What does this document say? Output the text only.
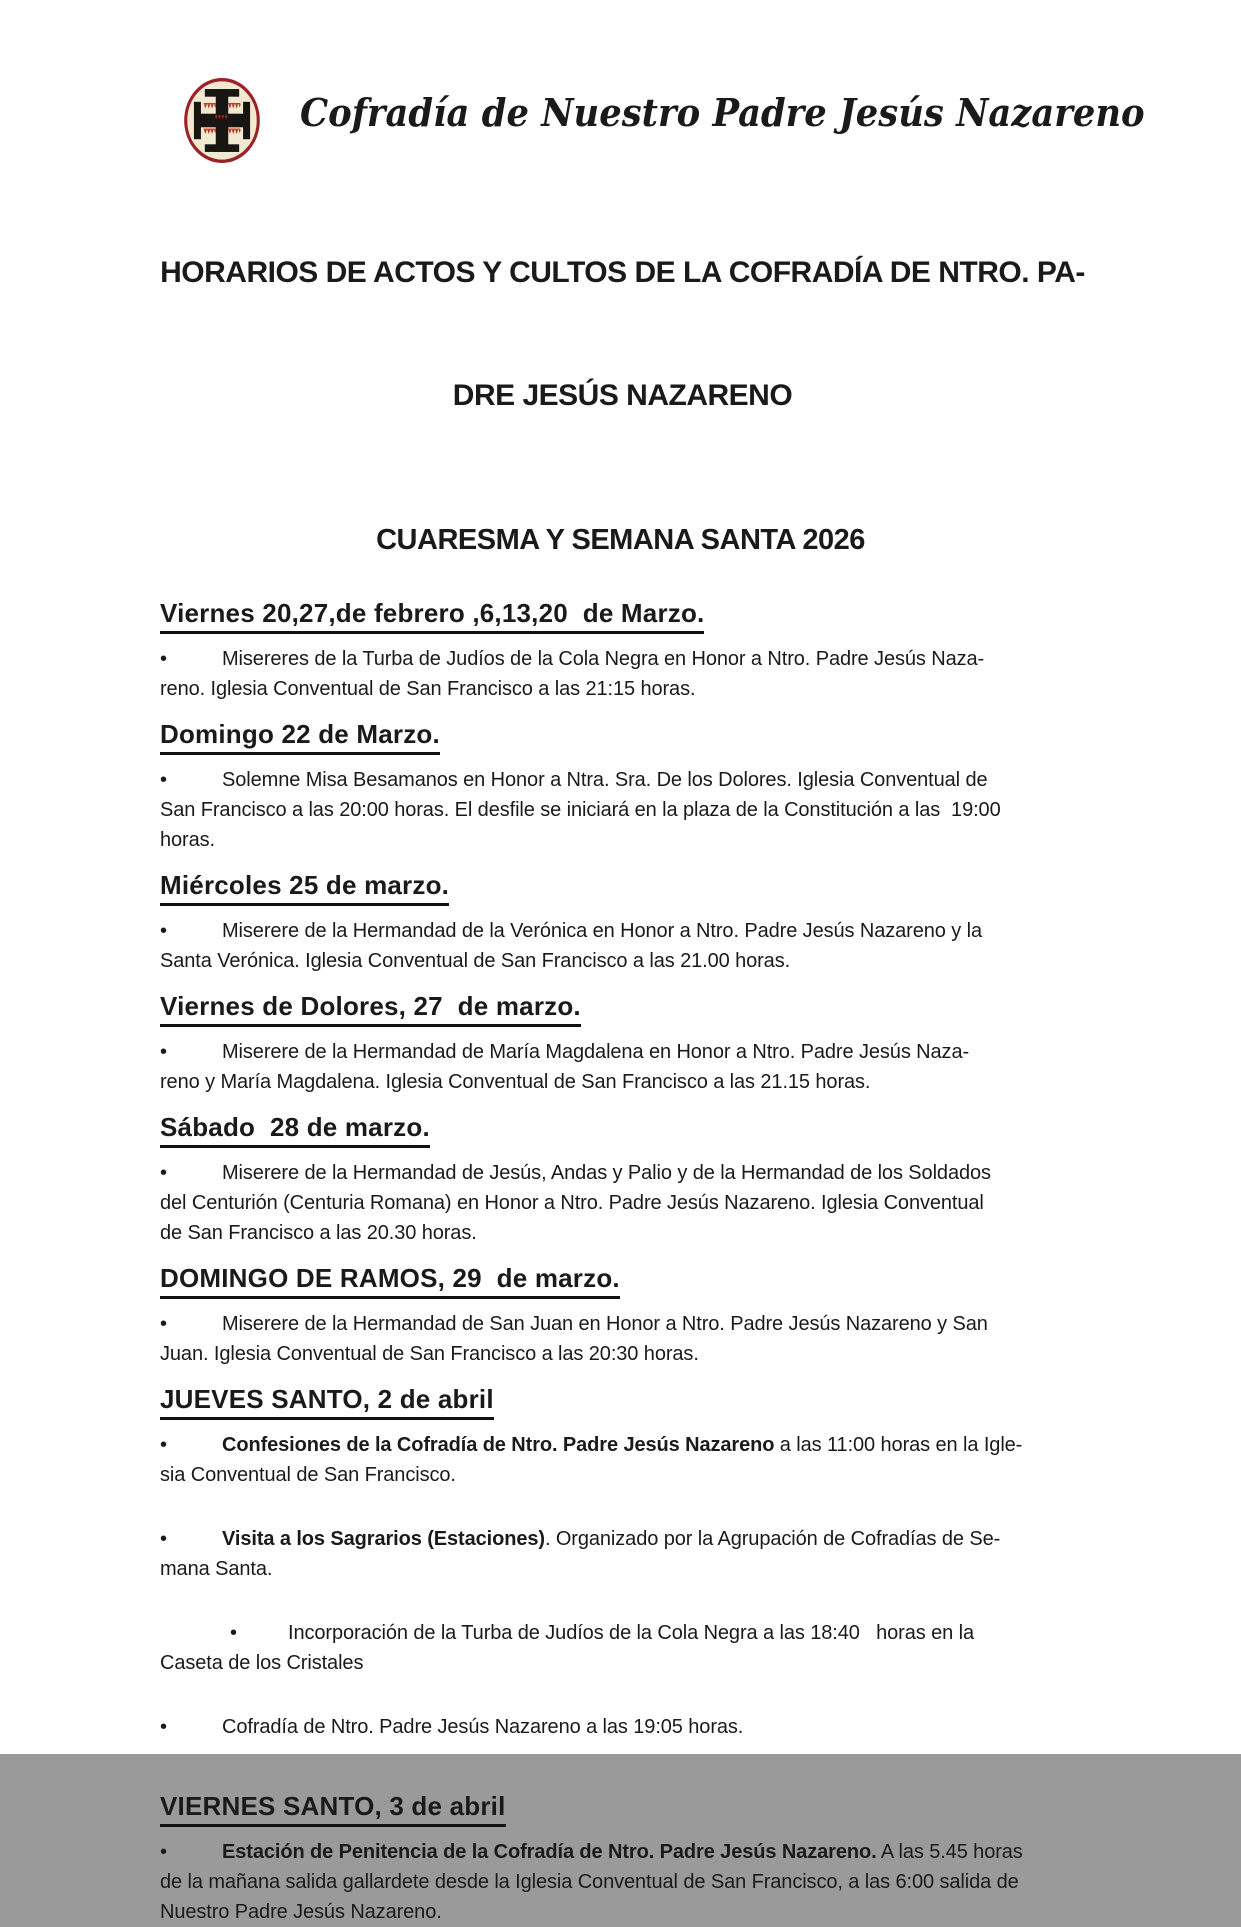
Cofradía de Nuestro Padre Jesús Nazareno

HORARIOS DE ACTOS Y CULTOS DE LA COFRADÍA DE NTRO. PA-

DRE JESÚS NAZARENO

CUARESMA Y SEMANA SANTA 2026
Viernes 20,27,de febrero ,6,13,20  de Marzo.
•	Misereres de la Turba de Judíos de la Cola Negra en Honor a Ntro. Padre Jesús Naza-
reno. Iglesia Conventual de San Francisco a las 21:15 horas.
Domingo 22 de Marzo.
•	Solemne Misa Besamanos en Honor a Ntra. Sra. De los Dolores. Iglesia Conventual de
San Francisco a las 20:00 horas. El desfile se iniciará en la plaza de la Constitución a las  19:00
horas.
Miércoles 25 de marzo.
•	Miserere de la Hermandad de la Verónica en Honor a Ntro. Padre Jesús Nazareno y la
Santa Verónica. Iglesia Conventual de San Francisco a las 21.00 horas.
Viernes de Dolores, 27  de marzo.
•	Miserere de la Hermandad de María Magdalena en Honor a Ntro. Padre Jesús Naza-
reno y María Magdalena. Iglesia Conventual de San Francisco a las 21.15 horas.
Sábado  28 de marzo.
•	Miserere de la Hermandad de Jesús, Andas y Palio y de la Hermandad de los Soldados
del Centurión (Centuria Romana) en Honor a Ntro. Padre Jesús Nazareno. Iglesia Conventual
de San Francisco a las 20.30 horas.
DOMINGO DE RAMOS, 29  de marzo.
•	Miserere de la Hermandad de San Juan en Honor a Ntro. Padre Jesús Nazareno y San
Juan. Iglesia Conventual de San Francisco a las 20:30 horas.
JUEVES SANTO, 2 de abril
•	Confesiones de la Cofradía de Ntro. Padre Jesús Nazareno a las 11:00 horas en la Igle-
sia Conventual de San Francisco.
•	Visita a los Sagrarios (Estaciones). Organizado por la Agrupación de Cofradías de Se-
mana Santa.
•	Incorporación de la Turba de Judíos de la Cola Negra a las 18:40   horas en la
Caseta de los Cristales
•	Cofradía de Ntro. Padre Jesús Nazareno a las 19:05 horas.
VIERNES SANTO, 3 de abril
•	Estación de Penitencia de la Cofradía de Ntro. Padre Jesús Nazareno. A las 5.45 horas
de la mañana salida gallardete desde la Iglesia Conventual de San Francisco, a las 6:00 salida de
Nuestro Padre Jesús Nazareno.
